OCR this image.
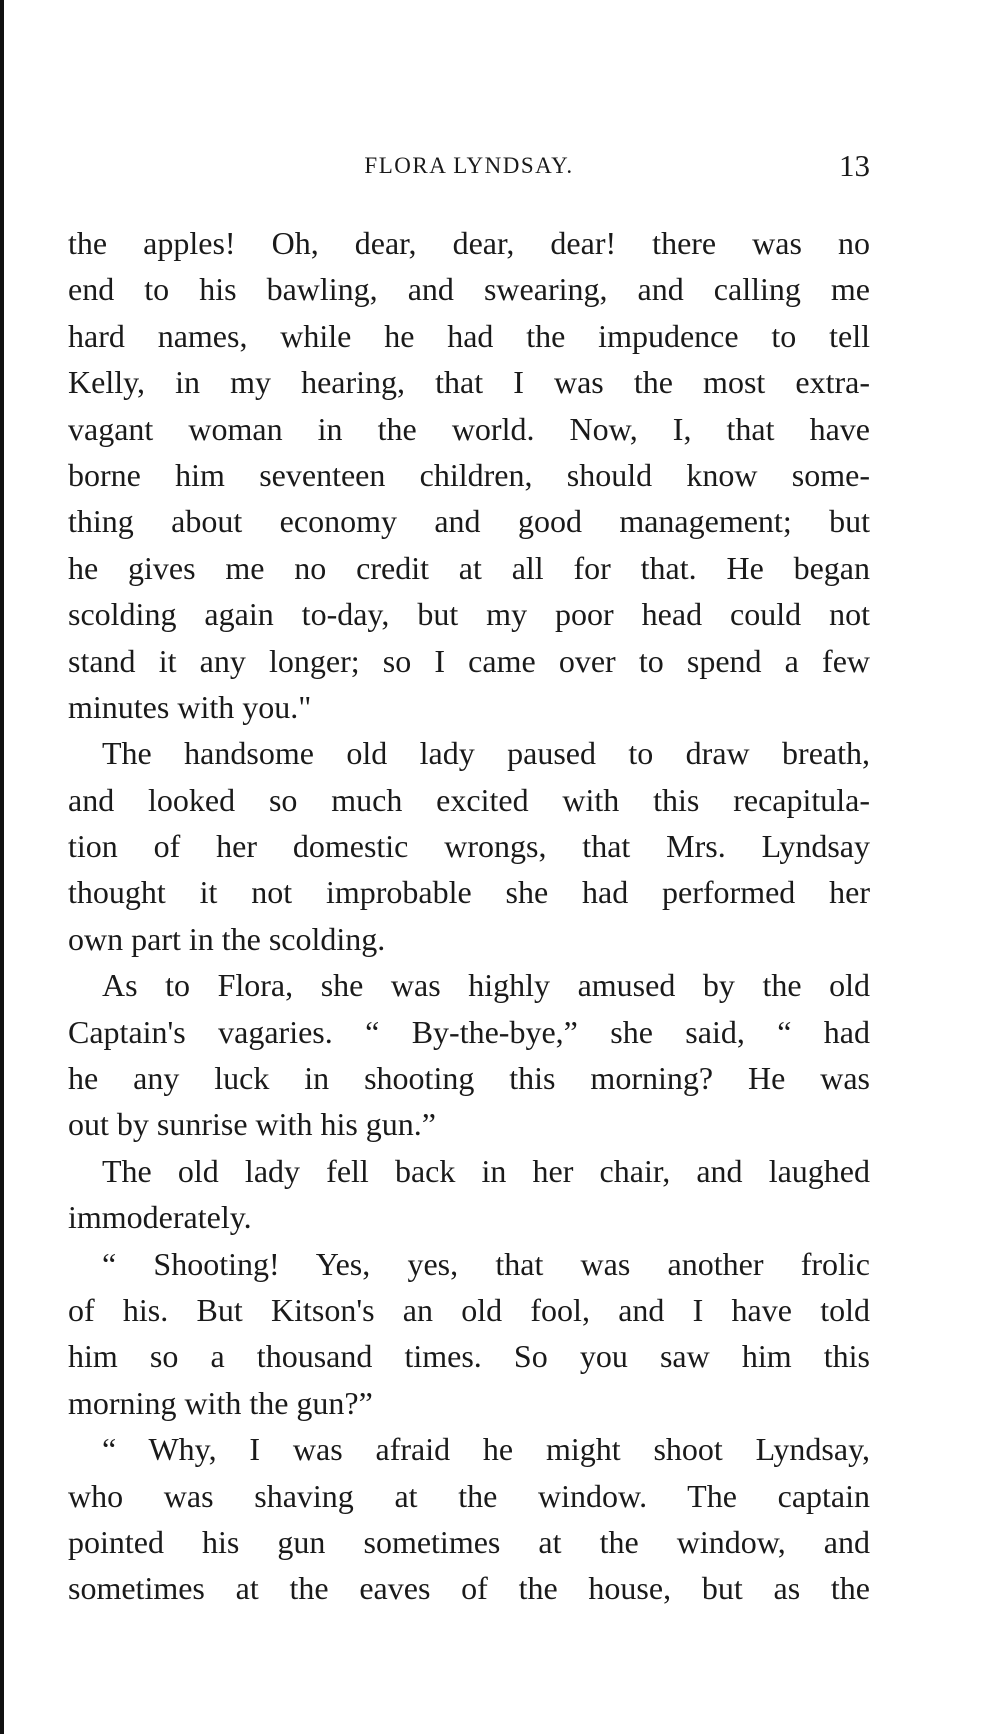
FLORA LYNDSAY.	13
the apples! Oh, dear, dear, dear! there was no
end to his bawling, and swearing, and calling me
hard names, while he had the impudence to tell
Kelly, in my hearing, that I was the most extra-
vagant woman in the world. Now, I, that have
borne him seventeen children, should know some-
thing about economy and good management; but
he gives me no credit at all for that. He began
scolding again to-day, but my poor head could not
stand it any longer; so I came over to spend a few
minutes with you."
The handsome old lady paused to draw breath,
and looked so much excited with this recapitula-
tion of her domestic wrongs, that Mrs. Lyndsay
thought it not improbable she had performed her
own part in the scolding.
As to Flora, she was highly amused by the old
Captain's vagaries. “ By-the-bye,” she said, “ had
he any luck in shooting this morning? He was
out by sunrise with his gun.”
The old lady fell back in her chair, and laughed
immoderately.
“ Shooting! Yes, yes, that was another frolic
of his. But Kitson's an old fool, and I have told
him so a thousand times. So you saw him this
morning with the gun?”
“ Why, I was afraid he might shoot Lyndsay,
who was shaving at the window. The captain
pointed his gun sometimes at the window, and
sometimes at the eaves of the house, but as the
